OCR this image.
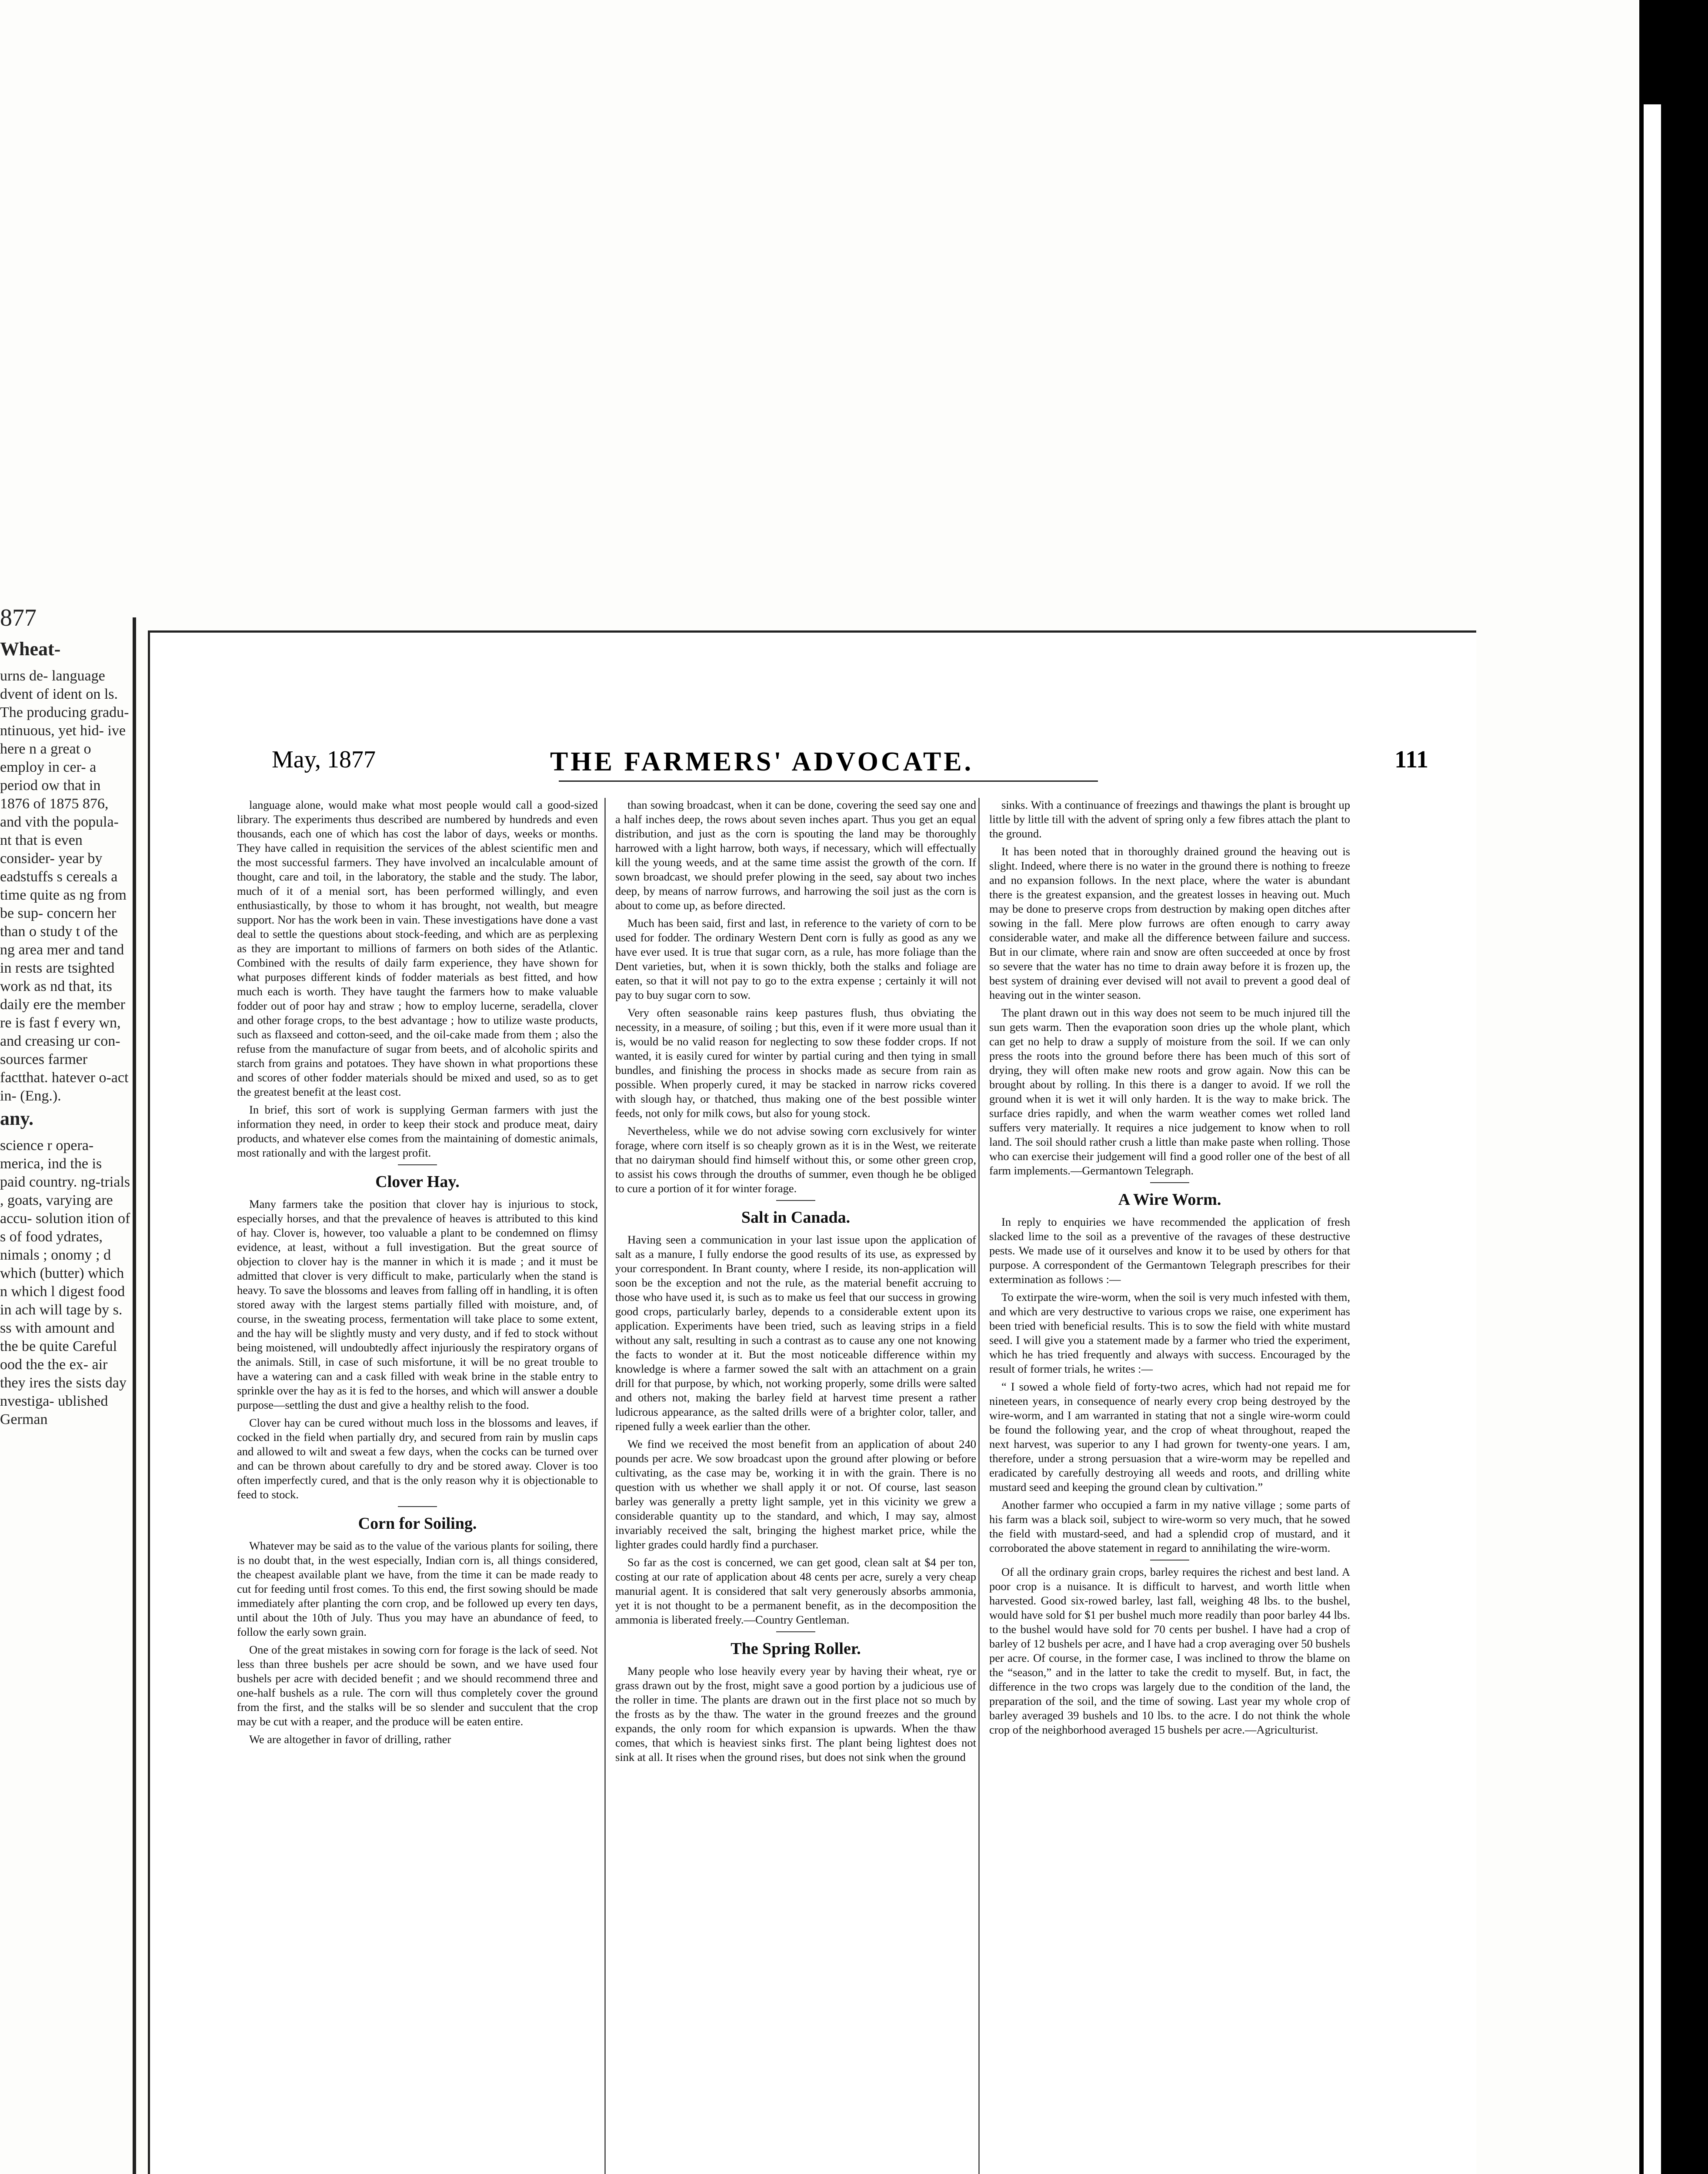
877
Wheat-
urns de- language dvent of ident on ls. The producing gradu- ntinuous, yet hid- ive here n a great o employ in cer- a period ow that in 1876 of 1875 876, and vith the popula- nt that is even consider- year by eadstuffs s cereals a time quite as ng from be sup- concern her than o study t of the ng area mer and tand in rests are tsighted work as nd that, its daily ere the member re is fast f every wn, and creasing ur con- sources farmer factthat. hatever o-act in- (Eng.).
any.
science r opera- merica, ind the is paid country. ng-trials , goats, varying are accu- solution ition of s of food ydrates, nimals ; onomy ; d which (butter) which n which l digest food in ach will tage by s. ss with amount and the be quite Careful ood the the ex- air they ires the sists day nvestiga- ublished German
May, 1877	THE FARMERS' ADVOCATE.	111

language alone, would make what most people would call a good-sized library. The experiments thus described are numbered by hundreds and even thousands, each one of which has cost the labor of days, weeks or months. They have called in requisition the services of the ablest scientific men and the most successful farmers. They have involved an incalculable amount of thought, care and toil, in the laboratory, the stable and the study. The labor, much of it of a menial sort, has been performed willingly, and even enthusiastically, by those to whom it has brought, not wealth, but meagre support. Nor has the work been in vain. These investigations have done a vast deal to settle the questions about stock-feeding, and which are as perplexing as they are important to millions of farmers on both sides of the Atlantic. Combined with the results of daily farm experience, they have shown for what purposes different kinds of fodder materials as best fitted, and how much each is worth. They have taught the farmers how to make valuable fodder out of poor hay and straw ; how to employ lucerne, seradella, clover and other forage crops, to the best advantage ; how to utilize waste products, such as flaxseed and cotton-seed, and the oil-cake made from them ; also the refuse from the manufacture of sugar from beets, and of alcoholic spirits and starch from grains and potatoes. They have shown in what proportions these and scores of other fodder materials should be mixed and used, so as to get the greatest benefit at the least cost.

In brief, this sort of work is supplying German farmers with just the information they need, in order to keep their stock and produce meat, dairy products, and whatever else comes from the maintaining of domestic animals, most rationally and with the largest profit.

Clover Hay.

Many farmers take the position that clover hay is injurious to stock, especially horses, and that the prevalence of heaves is attributed to this kind of hay. Clover is, however, too valuable a plant to be condemned on flimsy evidence, at least, without a full investigation. But the great source of objection to clover hay is the manner in which it is made ; and it must be admitted that clover is very difficult to make, particularly when the stand is heavy. To save the blossoms and leaves from falling off in handling, it is often stored away with the largest stems partially filled with moisture, and, of course, in the sweating process, fermentation will take place to some extent, and the hay will be slightly musty and very dusty, and if fed to stock without being moistened, will undoubtedly affect injuriously the respiratory organs of the animals. Still, in case of such misfortune, it will be no great trouble to have a watering can and a cask filled with weak brine in the stable entry to sprinkle over the hay as it is fed to the horses, and which will answer a double purpose—settling the dust and give a healthy relish to the food.

Clover hay can be cured without much loss in the blossoms and leaves, if cocked in the field when partially dry, and secured from rain by muslin caps and allowed to wilt and sweat a few days, when the cocks can be turned over and can be thrown about carefully to dry and be stored away. Clover is too often imperfectly cured, and that is the only reason why it is objectionable to feed to stock.

Corn for Soiling.

Whatever may be said as to the value of the various plants for soiling, there is no doubt that, in the west especially, Indian corn is, all things considered, the cheapest available plant we have, from the time it can be made ready to cut for feeding until frost comes. To this end, the first sowing should be made immediately after planting the corn crop, and be followed up every ten days, until about the 10th of July. Thus you may have an abundance of feed, to follow the early sown grain.

One of the great mistakes in sowing corn for forage is the lack of seed. Not less than three bushels per acre should be sown, and we have used four bushels per acre with decided benefit ; and we should recommend three and one-half bushels as a rule. The corn will thus completely cover the ground from the first, and the stalks will be so slender and succulent that the crop may be cut with a reaper, and the produce will be eaten entire.

We are altogether in favor of drilling, rather

than sowing broadcast, when it can be done, covering the seed say one and a half inches deep, the rows about seven inches apart. Thus you get an equal distribution, and just as the corn is spouting the land may be thoroughly harrowed with a light harrow, both ways, if necessary, which will effectually kill the young weeds, and at the same time assist the growth of the corn. If sown broadcast, we should prefer plowing in the seed, say about two inches deep, by means of narrow furrows, and harrowing the soil just as the corn is about to come up, as before directed.

Much has been said, first and last, in reference to the variety of corn to be used for fodder. The ordinary Western Dent corn is fully as good as any we have ever used. It is true that sugar corn, as a rule, has more foliage than the Dent varieties, but, when it is sown thickly, both the stalks and foliage are eaten, so that it will not pay to go to the extra expense ; certainly it will not pay to buy sugar corn to sow.

Very often seasonable rains keep pastures flush, thus obviating the necessity, in a measure, of soiling ; but this, even if it were more usual than it is, would be no valid reason for neglecting to sow these fodder crops. If not wanted, it is easily cured for winter by partial curing and then tying in small bundles, and finishing the process in shocks made as secure from rain as possible. When properly cured, it may be stacked in narrow ricks covered with slough hay, or thatched, thus making one of the best possible winter feeds, not only for milk cows, but also for young stock.

Nevertheless, while we do not advise sowing corn exclusively for winter forage, where corn itself is so cheaply grown as it is in the West, we reiterate that no dairyman should find himself without this, or some other green crop, to assist his cows through the drouths of summer, even though he be obliged to cure a portion of it for winter forage.

Salt in Canada.

Having seen a communication in your last issue upon the application of salt as a manure, I fully endorse the good results of its use, as expressed by your correspondent. In Brant county, where I reside, its non-application will soon be the exception and not the rule, as the material benefit accruing to those who have used it, is such as to make us feel that our success in growing good crops, particularly barley, depends to a considerable extent upon its application. Experiments have been tried, such as leaving strips in a field without any salt, resulting in such a contrast as to cause any one not knowing the facts to wonder at it. But the most noticeable difference within my knowledge is where a farmer sowed the salt with an attachment on a grain drill for that purpose, by which, not working properly, some drills were salted and others not, making the barley field at harvest time present a rather ludicrous appearance, as the salted drills were of a brighter color, taller, and ripened fully a week earlier than the other.

We find we received the most benefit from an application of about 240 pounds per acre. We sow broadcast upon the ground after plowing or before cultivating, as the case may be, working it in with the grain. There is no question with us whether we shall apply it or not. Of course, last season barley was generally a pretty light sample, yet in this vicinity we grew a considerable quantity up to the standard, and which, I may say, almost invariably received the salt, bringing the highest market price, while the lighter grades could hardly find a purchaser.

So far as the cost is concerned, we can get good, clean salt at $4 per ton, costing at our rate of application about 48 cents per acre, surely a very cheap manurial agent. It is considered that salt very generously absorbs ammonia, yet it is not thought to be a permanent benefit, as in the decomposition the ammonia is liberated freely.—Country Gentleman.

The Spring Roller.

Many people who lose heavily every year by having their wheat, rye or grass drawn out by the frost, might save a good portion by a judicious use of the roller in time. The plants are drawn out in the first place not so much by the frosts as by the thaw. The water in the ground freezes and the ground expands, the only room for which expansion is upwards. When the thaw comes, that which is heaviest sinks first. The plant being lightest does not sink at all. It rises when the ground rises, but does not sink when the ground

sinks. With a continuance of freezings and thawings the plant is brought up little by little till with the advent of spring only a few fibres attach the plant to the ground.

It has been noted that in thoroughly drained ground the heaving out is slight. Indeed, where there is no water in the ground there is nothing to freeze and no expansion follows. In the next place, where the water is abundant there is the greatest expansion, and the greatest losses in heaving out. Much may be done to preserve crops from destruction by making open ditches after sowing in the fall. Mere plow furrows are often enough to carry away considerable water, and make all the difference between failure and success. But in our climate, where rain and snow are often succeeded at once by frost so severe that the water has no time to drain away before it is frozen up, the best system of draining ever devised will not avail to prevent a good deal of heaving out in the winter season.

The plant drawn out in this way does not seem to be much injured till the sun gets warm. Then the evaporation soon dries up the whole plant, which can get no help to draw a supply of moisture from the soil. If we can only press the roots into the ground before there has been much of this sort of drying, they will often make new roots and grow again. Now this can be brought about by rolling. In this there is a danger to avoid. If we roll the ground when it is wet it will only harden. It is the way to make brick. The surface dries rapidly, and when the warm weather comes wet rolled land suffers very materially. It requires a nice judgement to know when to roll land. The soil should rather crush a little than make paste when rolling. Those who can exercise their judgement will find a good roller one of the best of all farm implements.—Germantown Telegraph.

A Wire Worm.

In reply to enquiries we have recommended the application of fresh slacked lime to the soil as a preventive of the ravages of these destructive pests. We made use of it ourselves and know it to be used by others for that purpose. A correspondent of the Germantown Telegraph prescribes for their extermination as follows :—

To extirpate the wire-worm, when the soil is very much infested with them, and which are very destructive to various crops we raise, one experiment has been tried with beneficial results. This is to sow the field with white mustard seed. I will give you a statement made by a farmer who tried the experiment, which he has tried frequently and always with success. Encouraged by the result of former trials, he writes :—

“ I sowed a whole field of forty-two acres, which had not repaid me for nineteen years, in consequence of nearly every crop being destroyed by the wire-worm, and I am warranted in stating that not a single wire-worm could be found the following year, and the crop of wheat throughout, reaped the next harvest, was superior to any I had grown for twenty-one years. I am, therefore, under a strong persuasion that a wire-worm may be repelled and eradicated by carefully destroying all weeds and roots, and drilling white mustard seed and keeping the ground clean by cultivation.”

Another farmer who occupied a farm in my native village ; some parts of his farm was a black soil, subject to wire-worm so very much, that he sowed the field with mustard-seed, and had a splendid crop of mustard, and it corroborated the above statement in regard to annihilating the wire-worm.

Of all the ordinary grain crops, barley requires the richest and best land. A poor crop is a nuisance. It is difficult to harvest, and worth little when harvested. Good six-rowed barley, last fall, weighing 48 lbs. to the bushel, would have sold for $1 per bushel much more readily than poor barley 44 lbs. to the bushel would have sold for 70 cents per bushel. I have had a crop of barley of 12 bushels per acre, and I have had a crop averaging over 50 bushels per acre. Of course, in the former case, I was inclined to throw the blame on the “season,” and in the latter to take the credit to myself. But, in fact, the difference in the two crops was largely due to the condition of the land, the preparation of the soil, and the time of sowing. Last year my whole crop of barley averaged 39 bushels and 10 lbs. to the acre. I do not think the whole crop of the neighborhood averaged 15 bushels per acre.—Agriculturist.
